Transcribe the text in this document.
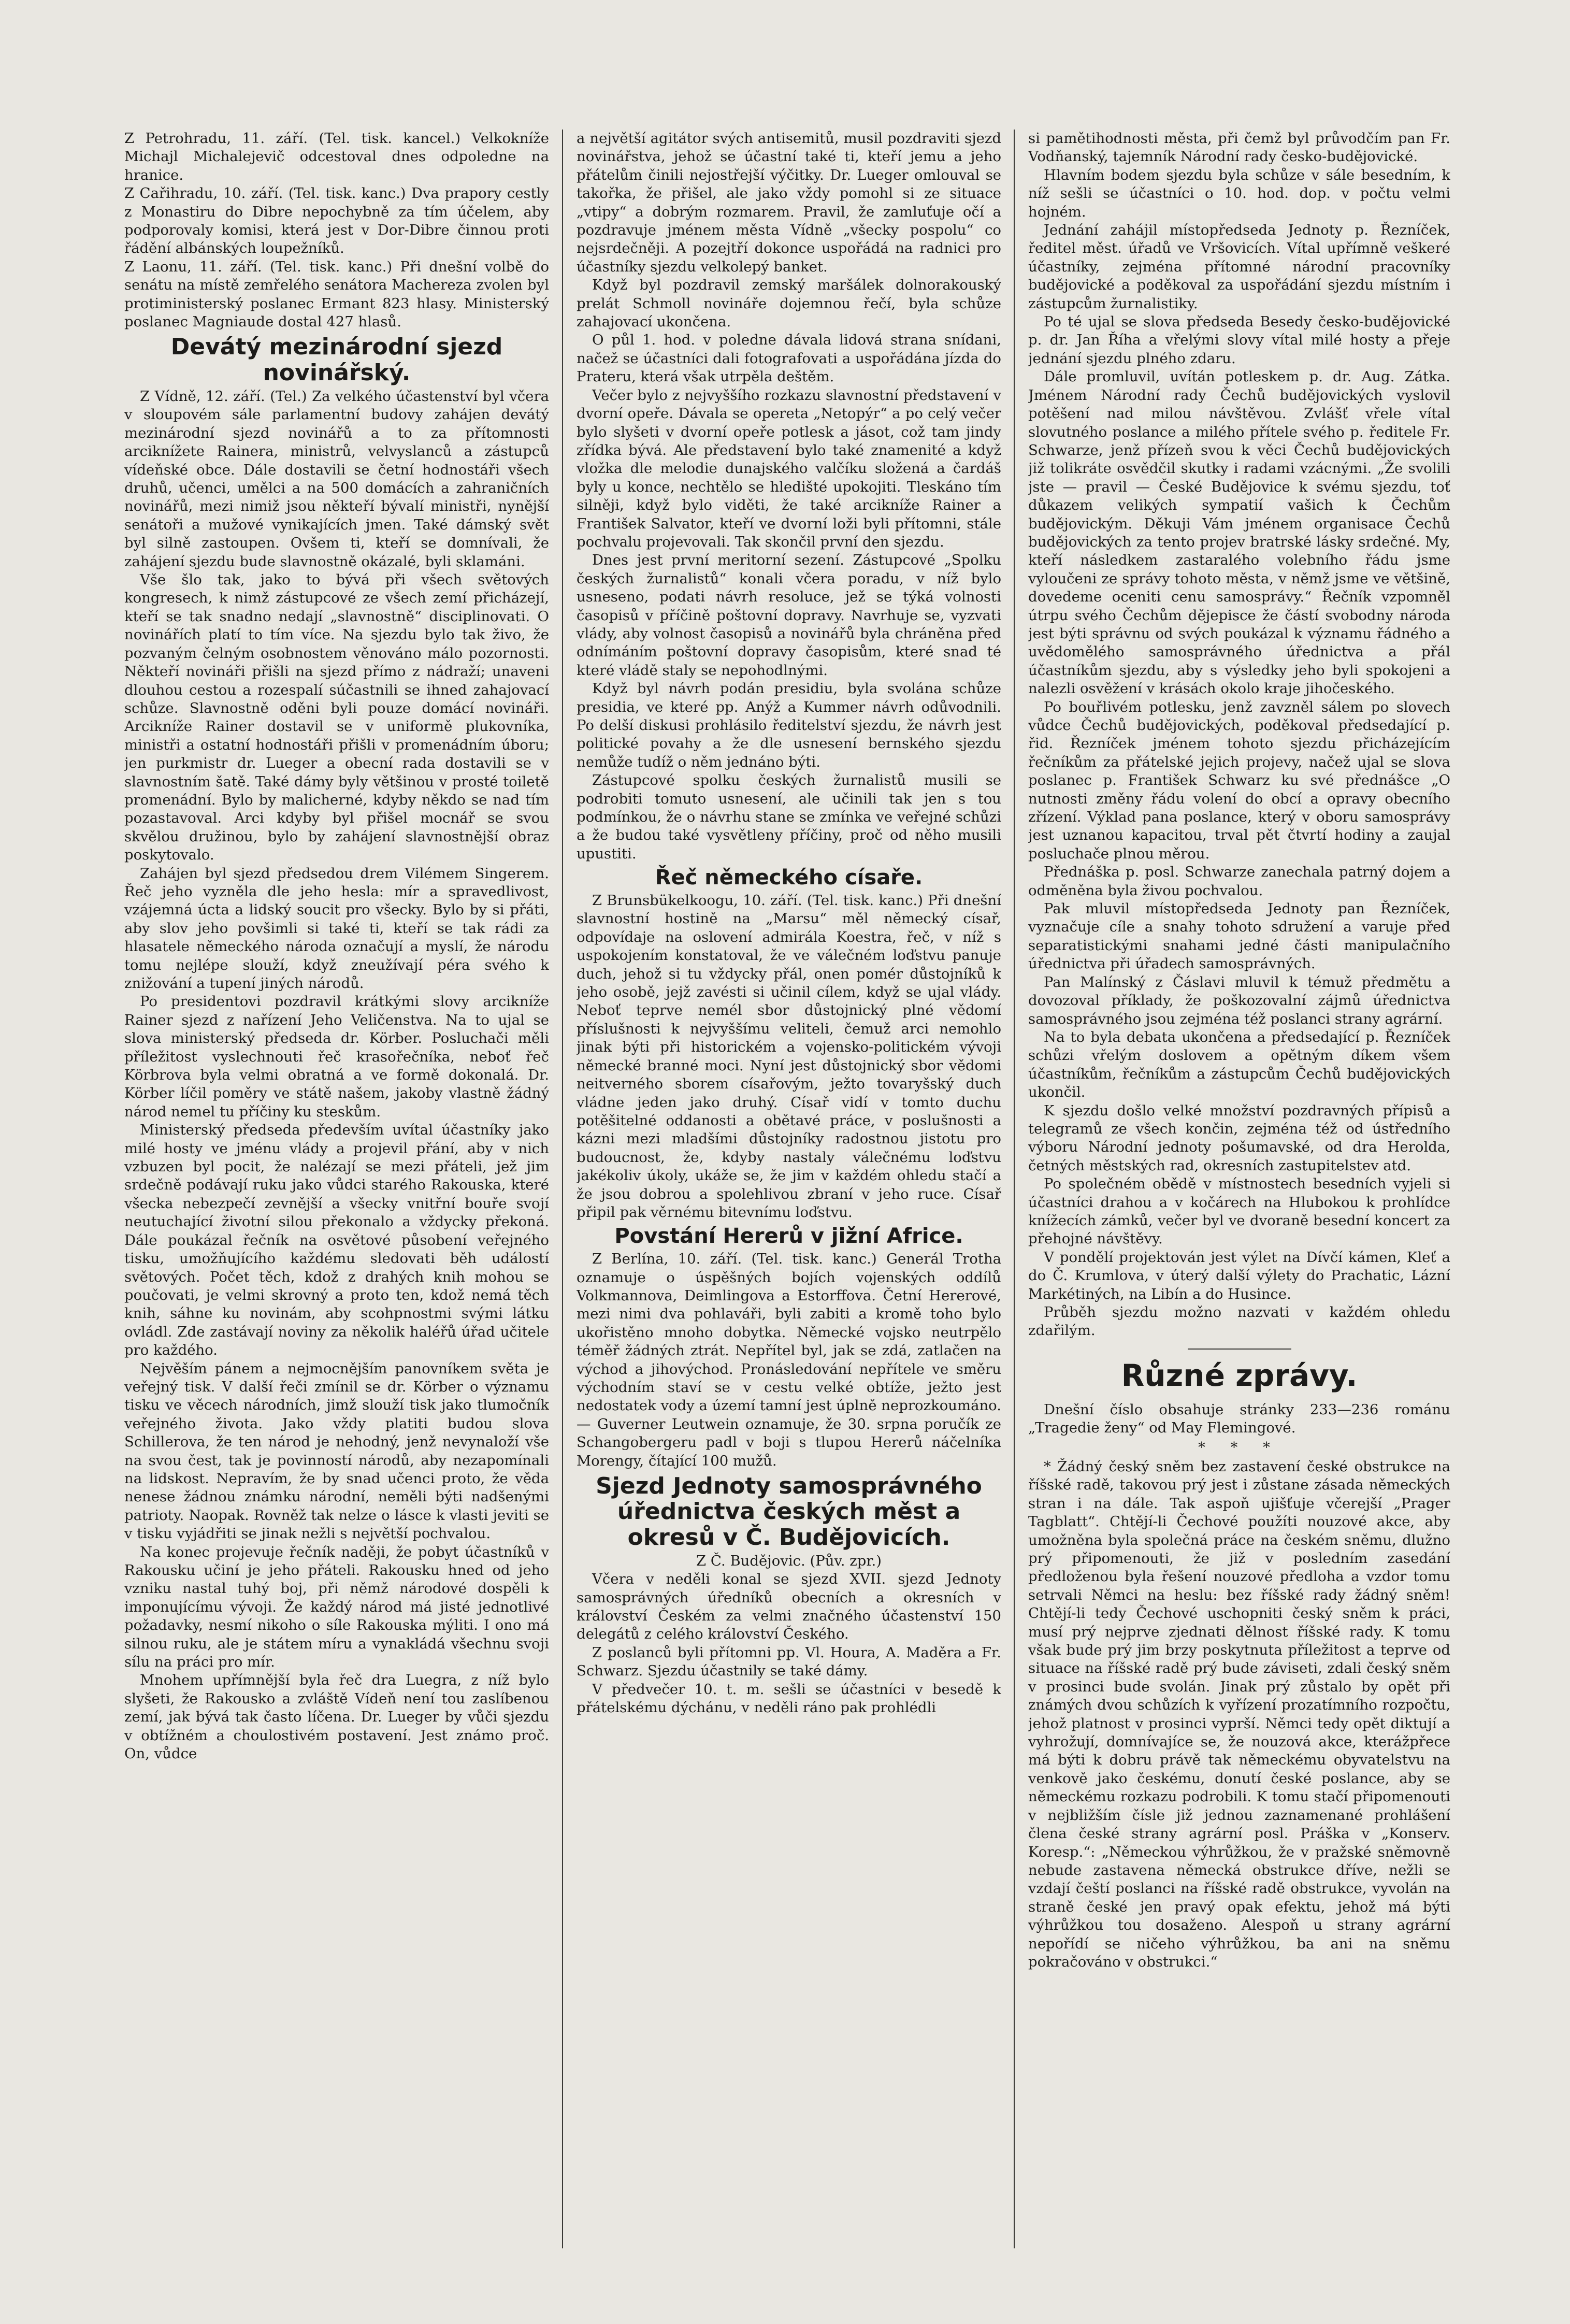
Z Petrohradu, 11. září. (Tel. tisk. kancel.) Velkokníže Michajl Michalejevič odcestoval dnes odpoledne na hranice.

Z Cařihradu, 10. září. (Tel. tisk. kanc.) Dva prapory cestly z Monastiru do Dibre nepochybně za tím účelem, aby podporovaly komisi, která jest v Dor-Dibre činnou proti řádění albánských loupežníků.

Z Laonu, 11. září. (Tel. tisk. kanc.) Při dnešní volbě do senátu na místě zemřelého senátora Machereza zvolen byl protiministerský poslanec Ermant 823 hlasy. Ministerský poslanec Magniaude dostal 427 hlasů.

Devátý mezinárodní sjezd novinářský.

Z Vídně, 12. září. (Tel.) Za velkého účastenství byl včera v sloupovém sále parlamentní budovy zahájen devátý mezinárodní sjezd novinářů a to za přítomnosti arciknížete Rainera, ministrů, velvyslanců a zástupců vídeňské obce. Dále dostavili se četní hodnostáři všech druhů, učenci, umělci a na 500 domácích a zahraničních novinářů, mezi nimiž jsou někteří bývalí ministři, nynější senátoři a mužové vynikajících jmen. Také dámský svět byl silně zastoupen. Ovšem ti, kteří se domnívali, že zahájení sjezdu bude slavnostně okázalé, byli sklamáni.

Vše šlo tak, jako to bývá při všech světových kongresech, k nimž zástupcové ze všech zemí přicházejí, kteří se tak snadno nedají „slavnostně“ disciplinovati. O novinářích platí to tím více. Na sjezdu bylo tak živo, že pozvaným čelným osobnostem věnováno málo pozornosti. Někteří novináři přišli na sjezd přímo z nádraží; unaveni dlouhou cestou a rozespalí súčastnili se ihned zahajovací schůze. Slavnostně oděni byli pouze domácí novináři. Arcikníže Rainer dostavil se v uniformě plukovníka, ministři a ostatní hodnostáři přišli v promenádním úboru; jen purkmistr dr. Lueger a obecní rada dostavili se v slavnostním šatě. Také dámy byly většinou v prosté toiletě promenádní. Bylo by malicherné, kdyby někdo se nad tím pozastavoval. Arci kdyby byl přišel mocnář se svou skvělou družinou, bylo by zahájení slavnostnější obraz poskytovalo.

Zahájen byl sjezd předsedou drem Vilémem Singerem. Řeč jeho vyzněla dle jeho hesla: mír a spravedlivost, vzájemná úcta a lidský soucit pro všecky. Bylo by si přáti, aby slov jeho povšimli si také ti, kteří se tak rádi za hlasatele německého národa označují a myslí, že národu tomu nejlépe slouží, když zneužívají péra svého k znižování a tupení jiných národů.

Po presidentovi pozdravil krátkými slovy arcikníže Rainer sjezd z nařízení Jeho Veličenstva. Na to ujal se slova ministerský předseda dr. Körber. Posluchači měli příležitost vyslechnouti řeč krasořečníka, neboť řeč Körbrova byla velmi obratná a ve formě dokonalá. Dr. Körber líčil poměry ve státě našem, jakoby vlastně žádný národ nemel tu příčiny ku steskům.

Ministerský předseda především uvítal účastníky jako milé hosty ve jménu vlády a projevil přání, aby v nich vzbuzen byl pocit, že nalézají se mezi přáteli, jež jim srdečně podávají ruku jako vůdci starého Rakouska, které všecka nebezpečí zevnější a všecky vnitřní bouře svojí neutuchající životní silou překonalo a vždycky překoná. Dále poukázal řečník na osvětové působení veřejného tisku, umožňujícího každému sledovati běh událostí světových. Počet těch, kdož z drahých knih mohou se poučovati, je velmi skrovný a proto ten, kdož nemá těch knih, sáhne ku novinám, aby scohpnostmi svými látku ovládl. Zde zastávají noviny za několik haléřů úřad učitele pro každého.

Nejvěším pánem a nejmocnějším panovníkem světa je veřejný tisk. V další řeči zmínil se dr. Körber o významu tisku ve věcech národních, jimž slouží tisk jako tlumočník veřejného života. Jako vždy platiti budou slova Schillerova, že ten národ je nehodný, jenž nevynaloží vše na svou čest, tak je povinností národů, aby nezapomínali na lidskost. Nepravím, že by snad učenci proto, že věda nenese žádnou známku národní, neměli býti nadšenými patrioty. Naopak. Rovněž tak nelze o lásce k vlasti jeviti se v tisku vyjádřiti se jinak nežli s největší pochvalou.

Na konec projevuje řečník naději, že pobyt účastníků v Rakousku učiní je jeho přáteli. Rakousku hned od jeho vzniku nastal tuhý boj, při němž národové dospěli k imponujícímu vývoji. Že každý národ má jisté jednotlivé požadavky, nesmí nikoho o síle Rakouska mýliti. I ono má silnou ruku, ale je státem míru a vynakládá všechnu svoji sílu na práci pro mír.

Mnohem upřímnější byla řeč dra Luegra, z níž bylo slyšeti, že Rakousko a zvláště Vídeň není tou zaslíbenou zemí, jak bývá tak často líčena. Dr. Lueger by vůči sjezdu v obtížném a choulostivém postavení. Jest známo proč. On, vůdce

a největší agitátor svých antisemitů, musil pozdraviti sjezd novinářstva, jehož se účastní také ti, kteří jemu a jeho přátelům činili nejostřejší výčitky. Dr. Lueger omlouval se takořka, že přišel, ale jako vždy pomohl si ze situace „vtipy“ a dobrým rozmarem. Pravil, že zamluťuje očí a pozdravuje jménem města Vídně „všecky pospolu“ co nejsrdečněji. A pozejtří dokonce uspořádá na radnici pro účastníky sjezdu velkolepý banket.

Když byl pozdravil zemský maršálek dolnorakouský prelát Schmoll novináře dojemnou řečí, byla schůze zahajovací ukončena.

O půl 1. hod. v poledne dávala lidová strana snídani, načež se účastníci dali fotografovati a uspořádána jízda do Prateru, která však utrpěla deštěm.

Večer bylo z nejvyššího rozkazu slavnostní představení v dvorní opeře. Dávala se opereta „Netopýr“ a po celý večer bylo slyšeti v dvorní opeře potlesk a jásot, což tam jindy zřídka bývá. Ale představení bylo také znamenité a když vložka dle melodie dunajského valčíku složená a čardáš byly u konce, nechtělo se hledišté upokojiti. Tleskáno tím silněji, když bylo viděti, že také arcikníže Rainer a František Salvator, kteří ve dvorní loži byli přítomni, stále pochvalu projevovali. Tak skončil první den sjezdu.

Dnes jest první meritorní sezení. Zástupcové „Spolku českých žurnalistů“ konali včera poradu, v níž bylo usneseno, podati návrh resoluce, jež se týká volnosti časopisů v příčině poštovní dopravy. Navrhuje se, vyzvati vlády, aby volnost časopisů a novinářů byla chráněna před odnímáním poštovní dopravy časopisům, které snad té které vládě staly se nepohodlnými.

Když byl návrh podán presidiu, byla svolána schůze presidia, ve které pp. Anýž a Kummer návrh odůvodnili. Po delší diskusi prohlásilo ředitelství sjezdu, že návrh jest politické povahy a že dle usnesení bernského sjezdu nemůže tudíž o něm jednáno býti.

Zástupcové spolku českých žurnalistů musili se podrobiti tomuto usnesení, ale učinili tak jen s tou podmínkou, že o návrhu stane se zmínka ve veřejné schůzi a že budou také vysvětleny příčiny, proč od něho musili upustiti.

Řeč německého císaře.

Z Brunsbükelkoogu, 10. září. (Tel. tisk. kanc.) Při dnešní slavnostní hostině na „Marsu“ měl německý císař, odpovídaje na oslovení admirála Koestra, řeč, v níž s uspokojením konstatoval, že ve válečném loďstvu panuje duch, jehož si tu vždycky přál, onen pomér důstojníků k jeho osobě, jejž zavésti si učinil cílem, když se ujal vlády. Neboť teprve nemél sbor důstojnický plné vědomí příslušnosti k nejvyššímu veliteli, čemuž arci nemohlo jinak býti při historickém a vojensko-politickém vývoji německé branné moci. Nyní jest důstojnický sbor vědomi neitverného sborem císařovým, ježto tovaryšský duch vládne jeden jako druhý. Císař vidí v tomto duchu potěšitelné oddanosti a obětavé práce, v poslušnosti a kázni mezi mladšími důstojníky radostnou jistotu pro budoucnost, že, kdyby nastaly válečnému loďstvu jakékoliv úkoly, ukáže se, že jim v každém ohledu stačí a že jsou dobrou a spolehlivou zbraní v jeho ruce. Císař připil pak věrnému bitevnímu loďstvu.

Povstání Hererů v jižní Africe.

Z Berlína, 10. září. (Tel. tisk. kanc.) Generál Trotha oznamuje o úspěšných bojích vojenských oddílů Volkmannova, Deimlingova a Estorffova. Četní Hererové, mezi nimi dva pohlaváři, byli zabiti a kromě toho bylo ukořistěno mnoho dobytka. Německé vojsko neutrpělo téměř žádných ztrát. Nepřítel byl, jak se zdá, zatlačen na východ a jihovýchod. Pronásledování nepřítele ve směru východním staví se v cestu velké obtíže, ježto jest nedostatek vody a území tamní jest úplně neprozkoumáno. — Guverner Leutwein oznamuje, že 30. srpna poručík ze Schangobergeru padl v boji s tlupou Hererů náčelníka Morengy, čítající 100 mužů.

Sjezd Jednoty samosprávného úřednictva českých měst a okresů v Č. Budějovicích.

Z Č. Budějovic. (Pův. zpr.)

Včera v neděli konal se sjezd XVII. sjezd Jednoty samosprávných úředníků obecních a okresních v království Českém za velmi značného účastenství 150 delegátů z celého království Českého.

Z poslanců byli přítomni pp. Vl. Houra, A. Maděra a Fr. Schwarz. Sjezdu účastnily se také dámy.

V předvečer 10. t. m. sešli se účastníci v besedě k přátelskému dýchánu, v neděli ráno pak prohlédli

si pamětihodnosti města, při čemž byl průvodčím pan Fr. Vodňanský, tajemník Národní rady česko-budějovické.

Hlavním bodem sjezdu byla schůze v sále besedním, k níž sešli se účastníci o 10. hod. dop. v počtu velmi hojném.

Jednání zahájil místopředseda Jednoty p. Řezníček, ředitel měst. úřadů ve Vršovicích. Vítal upřímně veškeré účastníky, zejména přítomné národní pracovníky budějovické a poděkoval za uspořádání sjezdu místním i zástupcům žurnalistiky.

Po té ujal se slova předseda Besedy česko-budějovické p. dr. Jan Říha a vřelými slovy vítal milé hosty a přeje jednání sjezdu plného zdaru.

Dále promluvil, uvítán potleskem p. dr. Aug. Zátka. Jménem Národní rady Čechů budějovických vyslovil potěšení nad milou návštěvou. Zvlášť vřele vítal slovutného poslance a milého přítele svého p. ředitele Fr. Schwarze, jenž přízeň svou k věci Čechů budějovických již tolikráte osvědčil skutky i radami vzácnými. „Že svolili jste — pravil — České Budějovice k svému sjezdu, toť důkazem velikých sympatií vašich k Čechům budějovickým. Děkuji Vám jménem organisace Čechů budějovických za tento projev bratrské lásky srdečné. My, kteří následkem zastaralého volebního řádu jsme vyloučeni ze správy tohoto města, v němž jsme ve většině, dovedeme oceniti cenu samosprávy.“ Řečník vzpomněl útrpu svého Čechům dějepisce že částí svobodny národa jest býti správnu od svých poukázal k významu řádného a uvědomělého samosprávného úřednictva a přál účastníkům sjezdu, aby s výsledky jeho byli spokojeni a nalezli osvěžení v krásách okolo kraje jihočeského.

Po bouřlivém potlesku, jenž zavzněl sálem po slovech vůdce Čechů budějovických, poděkoval předsedající p. řid. Řezníček jménem tohoto sjezdu přicházejícím řečníkům za přátelské jejich projevy, načež ujal se slova poslanec p. František Schwarz ku své přednášce „O nutnosti změny řádu volení do obcí a opravy obecního zřízení. Výklad pana poslance, který v oboru samosprávy jest uznanou kapacitou, trval pět čtvrtí hodiny a zaujal posluchače plnou měrou.

Přednáška p. posl. Schwarze zanechala patrný dojem a odměněna byla živou pochvalou.

Pak mluvil místopředseda Jednoty pan Řezníček, vyznačuje cíle a snahy tohoto sdružení a varuje před separatistickými snahami jedné části manipulačního úřednictva při úřadech samosprávných.

Pan Malínský z Čáslavi mluvil k témuž předmětu a dovozoval příklady, že poškozovalní zájmů úřednictva samosprávného jsou zejména též poslanci strany agrární.

Na to byla debata ukončena a předsedající p. Řezníček schůzi vřelým doslovem a opětným díkem všem účastníkům, řečníkům a zástupcům Čechů budějovických ukončil.

K sjezdu došlo velké množství pozdravných přípisů a telegramů ze všech končin, zejména též od ústředního výboru Národní jednoty pošumavské, od dra Herolda, četných městských rad, okresních zastupitelstev atd.

Po společném obědě v místnostech besedních vyjeli si účastníci drahou a v kočárech na Hlubokou k prohlídce knížecích zámků, večer byl ve dvoraně besední koncert za přehojné návštěvy.

V pondělí projektován jest výlet na Dívčí kámen, Kleť a do Č. Krumlova, v úterý další výlety do Prachatic, Lázní Markétiných, na Libín a do Husince.

Průběh sjezdu možno nazvati v každém ohledu zdařilým.

Různé zprávy.

Dnešní číslo obsahuje stránky 233—236 románu „Tragedie ženy“ od May Flemingové.

* * *

* Žádný český sněm bez zastavení české obstrukce na říšské radě, takovou prý jest i zůstane zásada německých stran i na dále. Tak aspoň ujišťuje včerejší „Prager Tagblatt“. Chtějí-li Čechové použíti nouzové akce, aby umožněna byla společná práce na českém sněmu, dlužno prý připomenouti, že již v posledním zasedání předloženou byla řešení nouzové předloha a vzdor tomu setrvali Němci na heslu: bez říšské rady žádný sněm! Chtějí-li tedy Čechové uschopniti český sněm k práci, musí prý nejprve zjednati dělnost říšské rady. K tomu však bude prý jim brzy poskytnuta příležitost a teprve od situace na říšské radě prý bude záviseti, zdali český sněm v prosinci bude svolán. Jinak prý zůstalo by opět při známých dvou schůzích k vyřízení prozatímního rozpočtu, jehož platnost v prosinci vyprší. Němci tedy opět diktují a vyhrožují, domnívajíce se, že nouzová akce, kterážpřece má býti k dobru právě tak německému obyvatelstvu na venkově jako českému, donutí české poslance, aby se německému rozkazu podrobili. K tomu stačí připomenouti v nejbližším čísle již jednou zaznamenané prohlášení člena české strany agrární posl. Práška v „Konserv. Koresp.“: „Německou výhrůžkou, že v pražské sněmovně nebude zastavena německá obstrukce dříve, nežli se vzdají čeští poslanci na říšské radě obstrukce, vyvolán na straně české jen pravý opak efektu, jehož má býti výhrůžkou tou dosaženo. Alespoň u strany agrární nepořídí se ničeho výhrůžkou, ba ani na sněmu pokračováno v obstrukci.“
